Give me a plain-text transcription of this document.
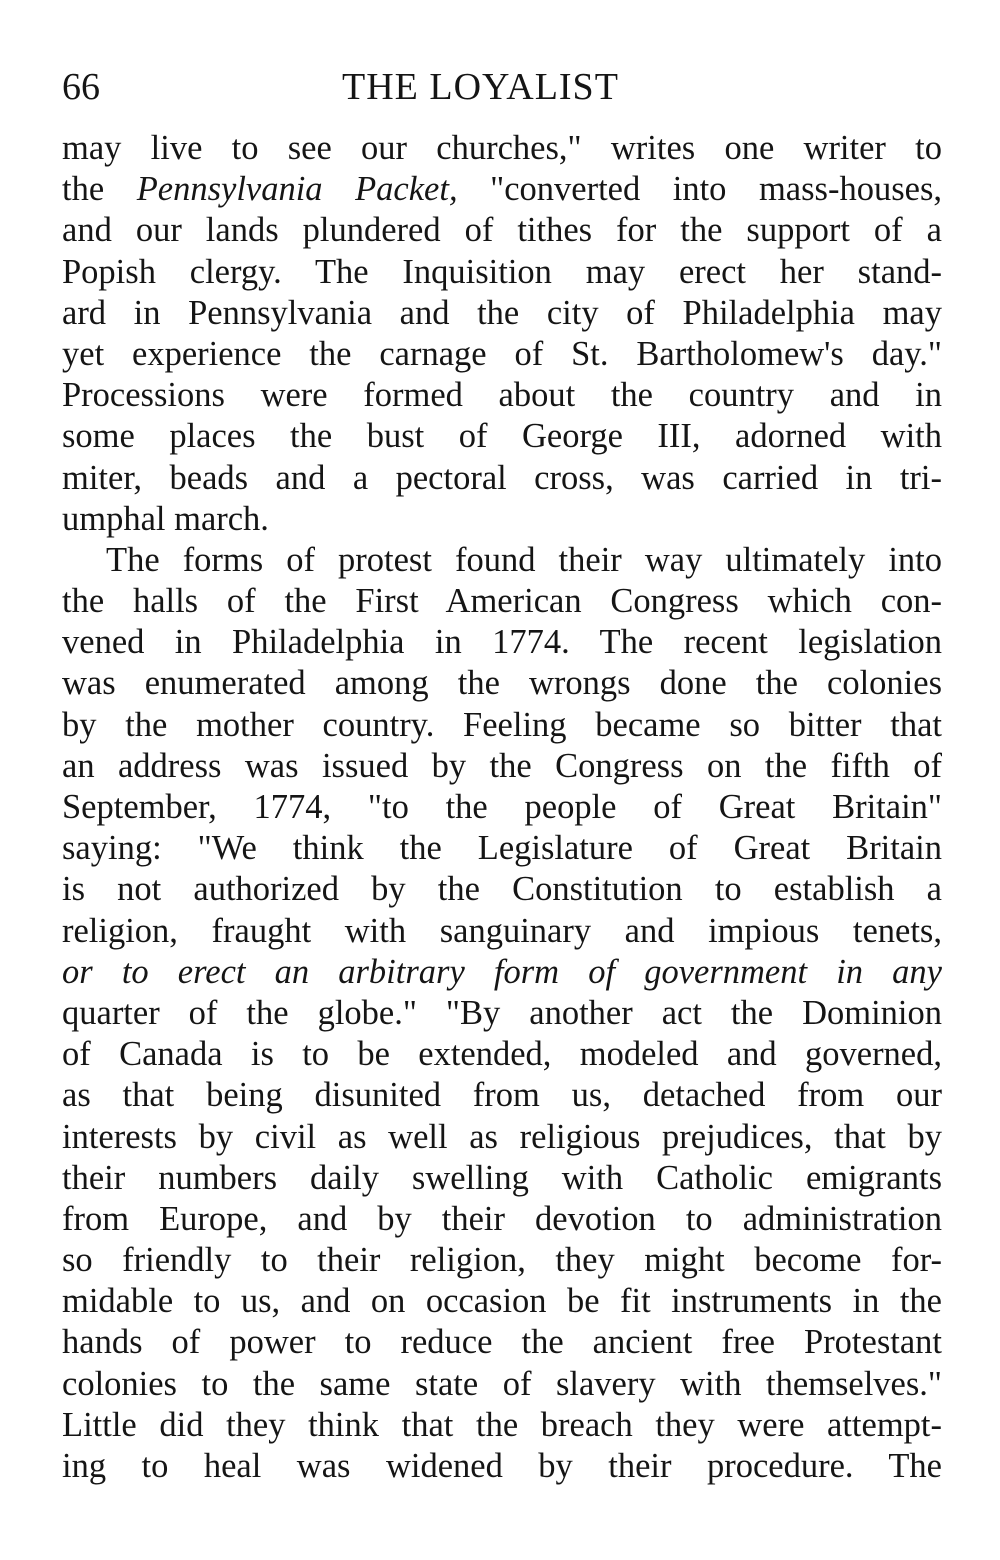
66	THE LOYALIST
may live to see our churches," writes one writer to
the Pennsylvania Packet, "converted into mass-houses,
and our lands plundered of tithes for the support of a
Popish clergy. The Inquisition may erect her stand-
ard in Pennsylvania and the city of Philadelphia may
yet experience the carnage of St. Bartholomew's day."
Processions were formed about the country and in
some places the bust of George III, adorned with
miter, beads and a pectoral cross, was carried in tri-
umphal march.
The forms of protest found their way ultimately into
the halls of the First American Congress which con-
vened in Philadelphia in 1774. The recent legislation
was enumerated among the wrongs done the colonies
by the mother country. Feeling became so bitter that
an address was issued by the Congress on the fifth of
September, 1774, "to the people of Great Britain"
saying: "We think the Legislature of Great Britain
is not authorized by the Constitution to establish a
religion, fraught with sanguinary and impious tenets,
or to erect an arbitrary form of government in any
quarter of the globe." "By another act the Dominion
of Canada is to be extended, modeled and governed,
as that being disunited from us, detached from our
interests by civil as well as religious prejudices, that by
their numbers daily swelling with Catholic emigrants
from Europe, and by their devotion to administration
so friendly to their religion, they might become for-
midable to us, and on occasion be fit instruments in the
hands of power to reduce the ancient free Protestant
colonies to the same state of slavery with themselves."
Little did they think that the breach they were attempt-
ing to heal was widened by their procedure. The
